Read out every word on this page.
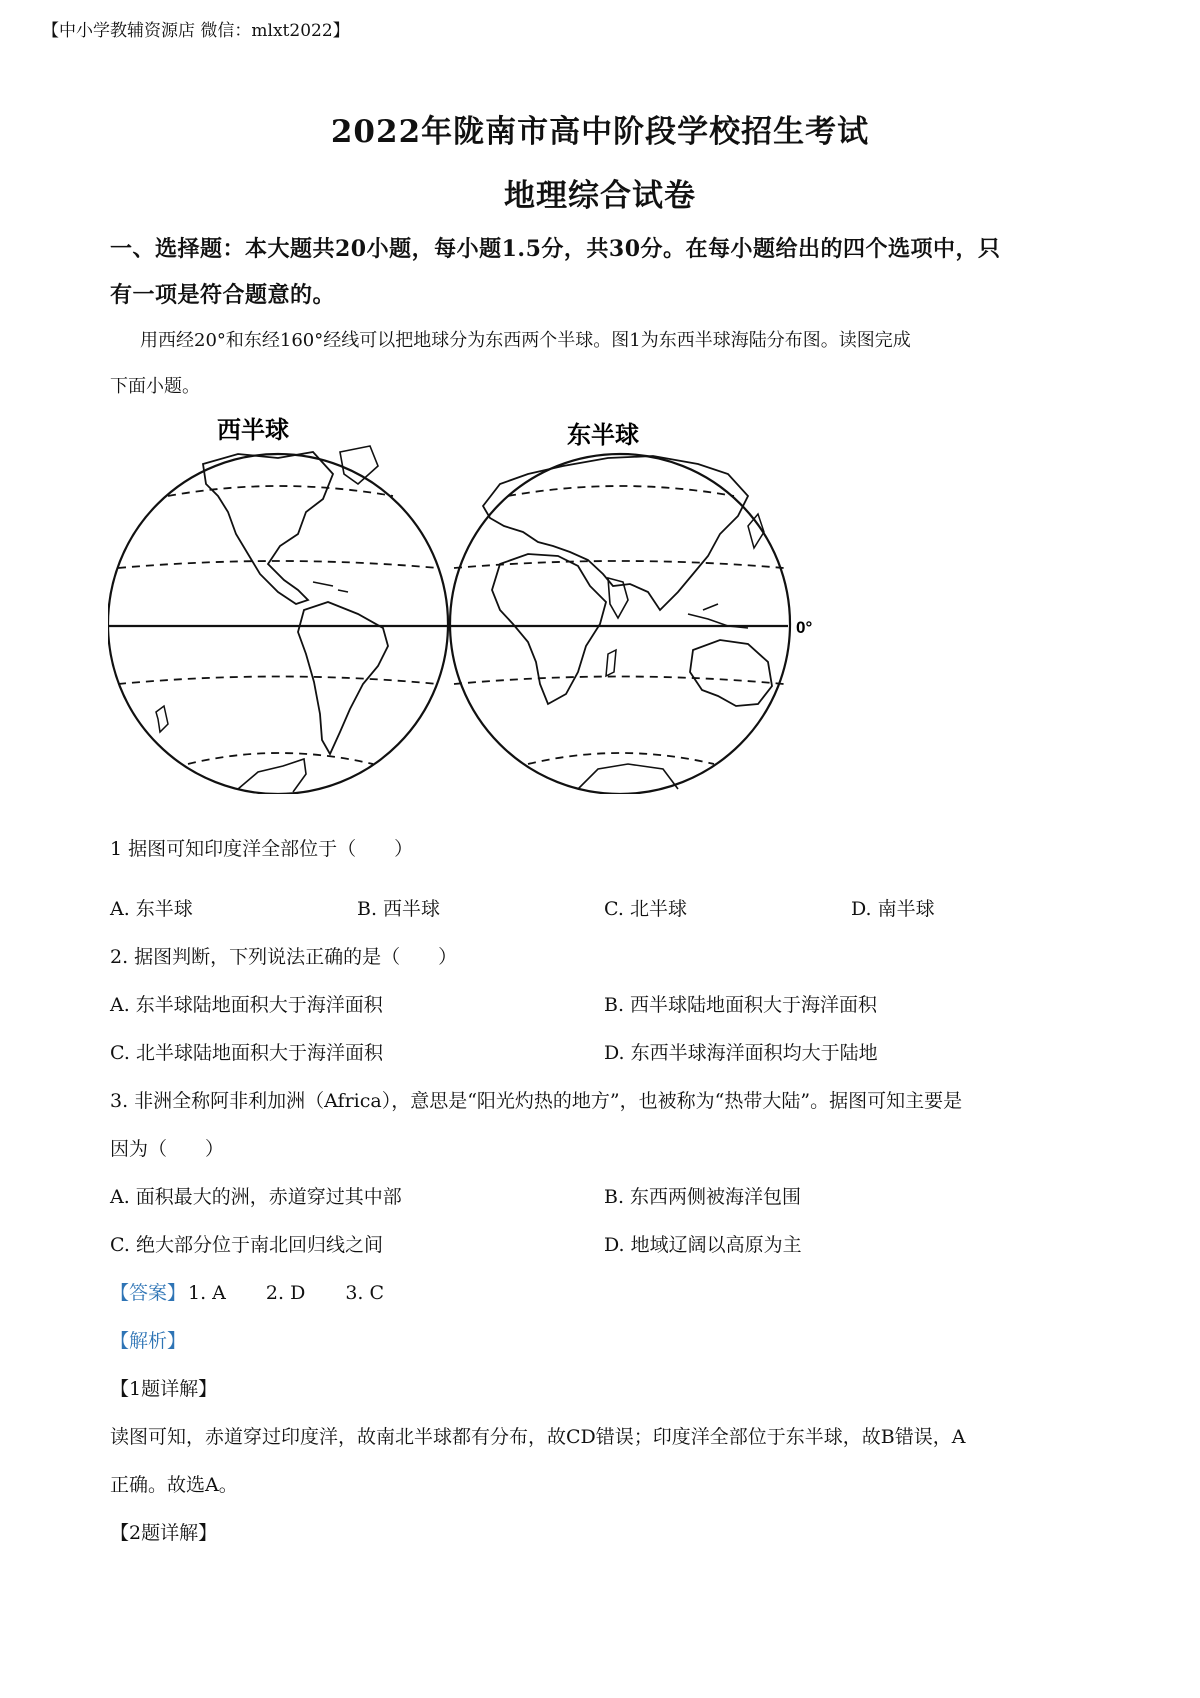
【中小学教辅资源店 微信：mlxt2022】
2022年陇南市高中阶段学校招生考试
地理综合试卷
一、选择题：本大题共20小题，每小题1.5分，共30分。在每小题给出的四个选项中，只
有一项是符合题意的。
用西经20°和东经160°经线可以把地球分为东西两个半球。图1为东西半球海陆分布图。读图完成
下面小题。
西半球	东半球
0°
1 据图可知印度洋全部位于（　　）
A. 东半球	B. 西半球	C. 北半球	D. 南半球
2. 据图判断，下列说法正确的是（　　）
A. 东半球陆地面积大于海洋面积	B. 西半球陆地面积大于海洋面积
C. 北半球陆地面积大于海洋面积	D. 东西半球海洋面积均大于陆地
3. 非洲全称阿非利加洲（Africa），意思是“阳光灼热的地方”，也被称为“热带大陆”。据图可知主要是
因为（　　）
A. 面积最大的洲，赤道穿过其中部	B. 东西两侧被海洋包围
C. 绝大部分位于南北回归线之间	D. 地域辽阔以高原为主
【答案】 1. A 2. D 3. C
【解析】
【1题详解】
读图可知，赤道穿过印度洋，故南北半球都有分布，故CD错误；印度洋全部位于东半球，故B错误，A
正确。故选A。
【2题详解】
